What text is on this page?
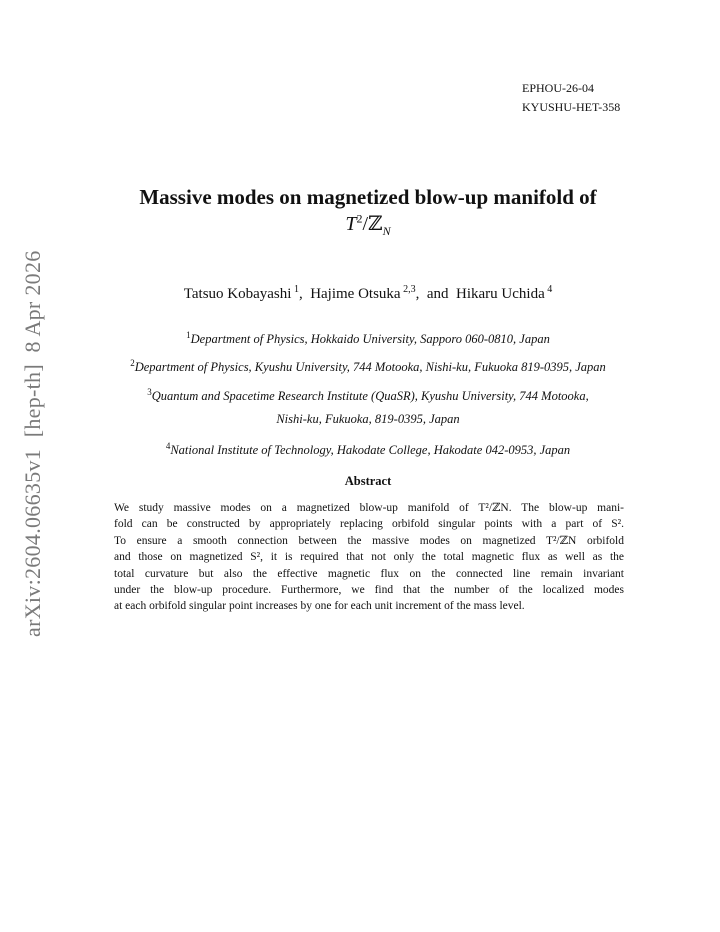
EPHOU-26-04
KYUSHU-HET-358
Massive modes on magnetized blow-up manifold of
$T^2/ℤ_N$
Tatsuo Kobayashi $^1$,  Hajime Otsuka $^{2,3}$,  and  Hikaru Uchida $^4$
$^1$Department of Physics, Hokkaido University, Sapporo 060-0810, Japan
$^2$Department of Physics, Kyushu University, 744 Motooka, Nishi-ku, Fukuoka 819-0395, Japan
$^3$Quantum and Spacetime Research Institute (QuaSR), Kyushu University, 744 Motooka,
Nishi-ku, Fukuoka, 819-0395, Japan
$^4$National Institute of Technology, Hakodate College, Hakodate 042-0953, Japan
Abstract
We study massive modes on a magnetized blow-up manifold of T²/ℤN. The blow-up mani-
fold can be constructed by appropriately replacing orbifold singular points with a part of S².
To ensure a smooth connection between the massive modes on magnetized T²/ℤN orbifold
and those on magnetized S², it is required that not only the total magnetic flux as well as the
total curvature but also the effective magnetic flux on the connected line remain invariant
under the blow-up procedure. Furthermore, we find that the number of the localized modes
at each orbifold singular point increases by one for each unit increment of the mass level.
arXiv:2604.06635v1  [hep-th]  8 Apr 2026
